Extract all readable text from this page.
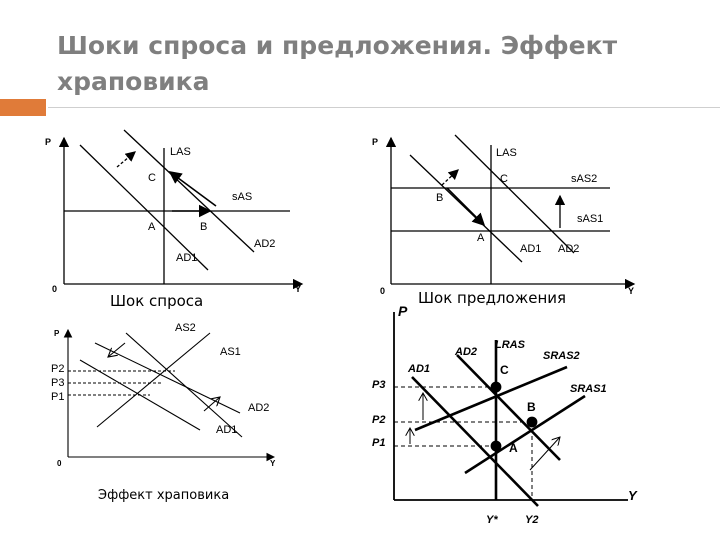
Шоки спроса и предложения. Эффект храповика
P
Y
0
LAS
sAS
AD1
AD2
A	B
C
P
Y
0
LAS
sAS2
sAS1
AD1 AD2
A
B
C
P
Y
0
AS2
AS1
AD2
AD1
P2
P3
P1
P
Y
LRAS
AD2
AD1
SRAS2
SRAS1
P3
P2
P1
Y* Y2
C
B
A
Шок спроса	Шок предложения
Эффект храповика
